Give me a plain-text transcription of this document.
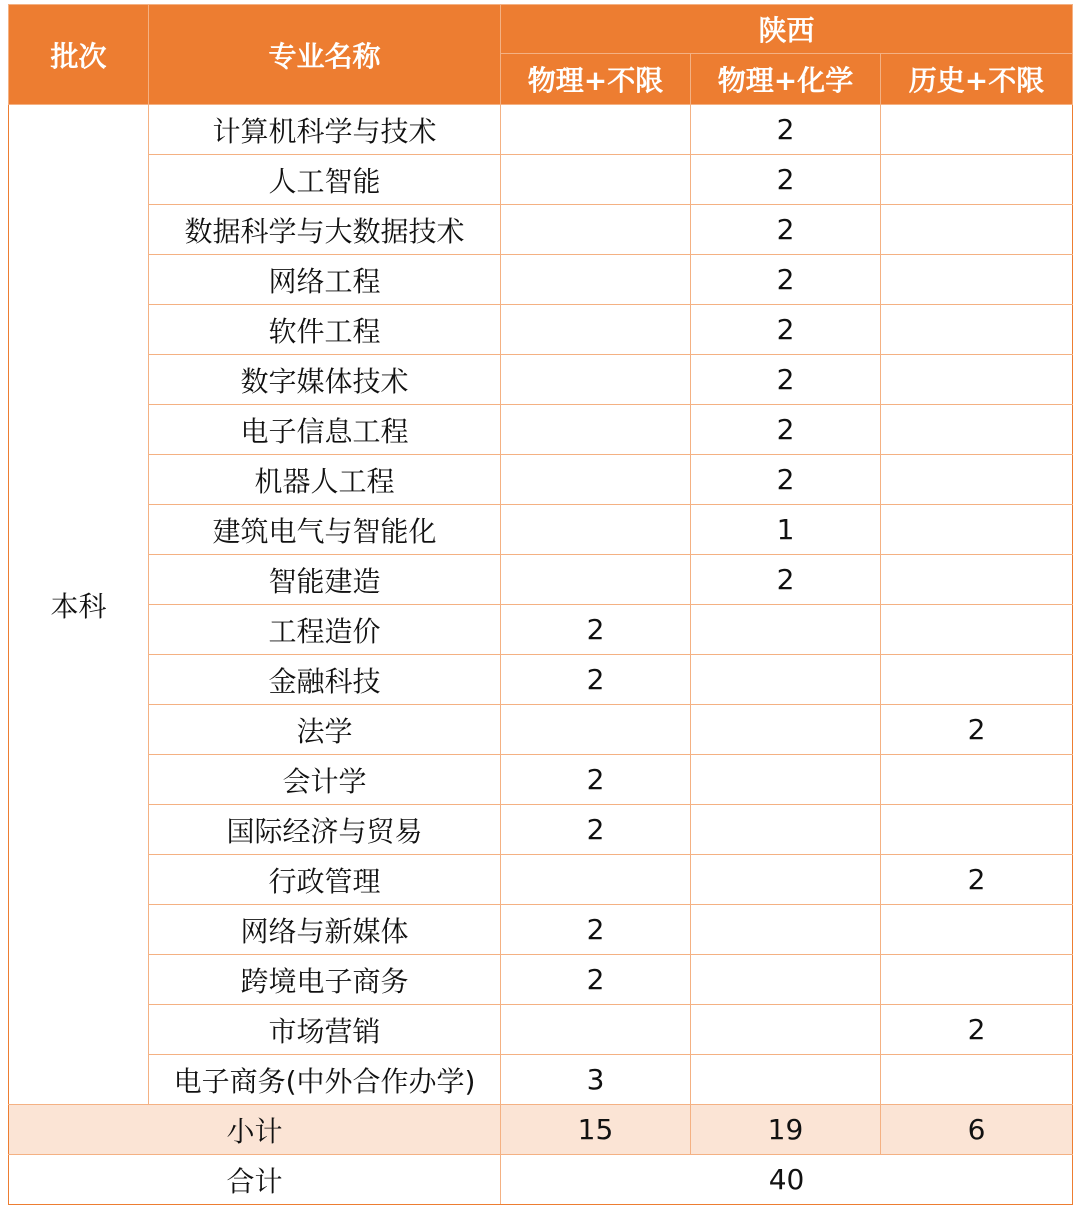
批次	专业名称	陕西		
		物理+不限	物理+化学	历史+不限
本科	计算机科学与技术		2	
	人工智能		2	
	数据科学与大数据技术		2	
	网络工程		2	
	软件工程		2	
	数字媒体技术		2	
	电子信息工程		2	
	机器人工程		2	
	建筑电气与智能化		1	
	智能建造		2	
	工程造价	2		
	金融科技	2		
	法学			2
	会计学	2		
	国际经济与贸易	2		
	行政管理			2
	网络与新媒体	2		
	跨境电子商务	2		
	市场营销			2
	电子商务(中外合作办学)	3		
小计		15	19	6
合计		40		
